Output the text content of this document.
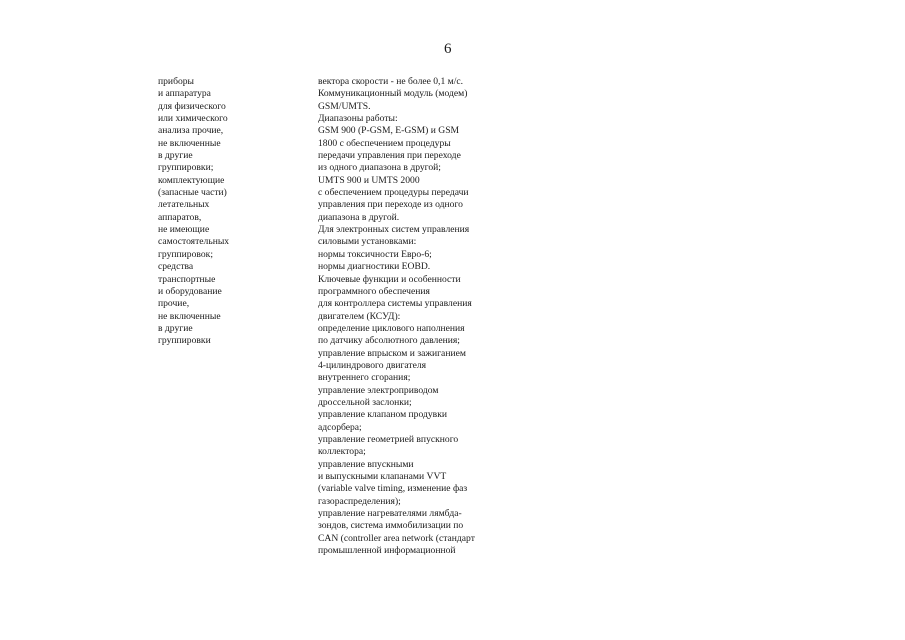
6
приборы
и аппаратура
для физического
или химического
анализа прочие,
не включенные
в другие
группировки;
комплектующие
(запасные части)
летательных
аппаратов,
не имеющие
самостоятельных
группировок;
средства
транспортные
и оборудование
прочие,
не включенные
в другие
группировки
вектора скорости - не более 0,1 м/с.
Коммуникационный модуль (модем)
GSM/UMTS.
Диапазоны работы:
GSM 900 (P-GSM, E-GSM) и GSM
1800 с обеспечением процедуры
передачи управления при переходе
из одного диапазона в другой;
UMTS 900 и UMTS 2000
с обеспечением процедуры передачи
управления при переходе из одного
диапазона в другой.
Для электронных систем управления
силовыми установками:
нормы токсичности Евро-6;
нормы диагностики EOBD.
Ключевые функции и особенности
программного обеспечения
для контроллера системы управления
двигателем (КСУД):
определение циклового наполнения
по датчику абсолютного давления;
управление впрыском и зажиганием
4-цилиндрового двигателя
внутреннего сгорания;
управление электроприводом
дроссельной заслонки;
управление клапаном продувки
адсорбера;
управление геометрией впускного
коллектора;
управление впускными
и выпускными клапанами VVT
(variable valve timing, изменение фаз
газораспределения);
управление нагревателями лямбда-
зондов, система иммобилизации по
CAN (controller area network (стандарт
промышленной информационной
